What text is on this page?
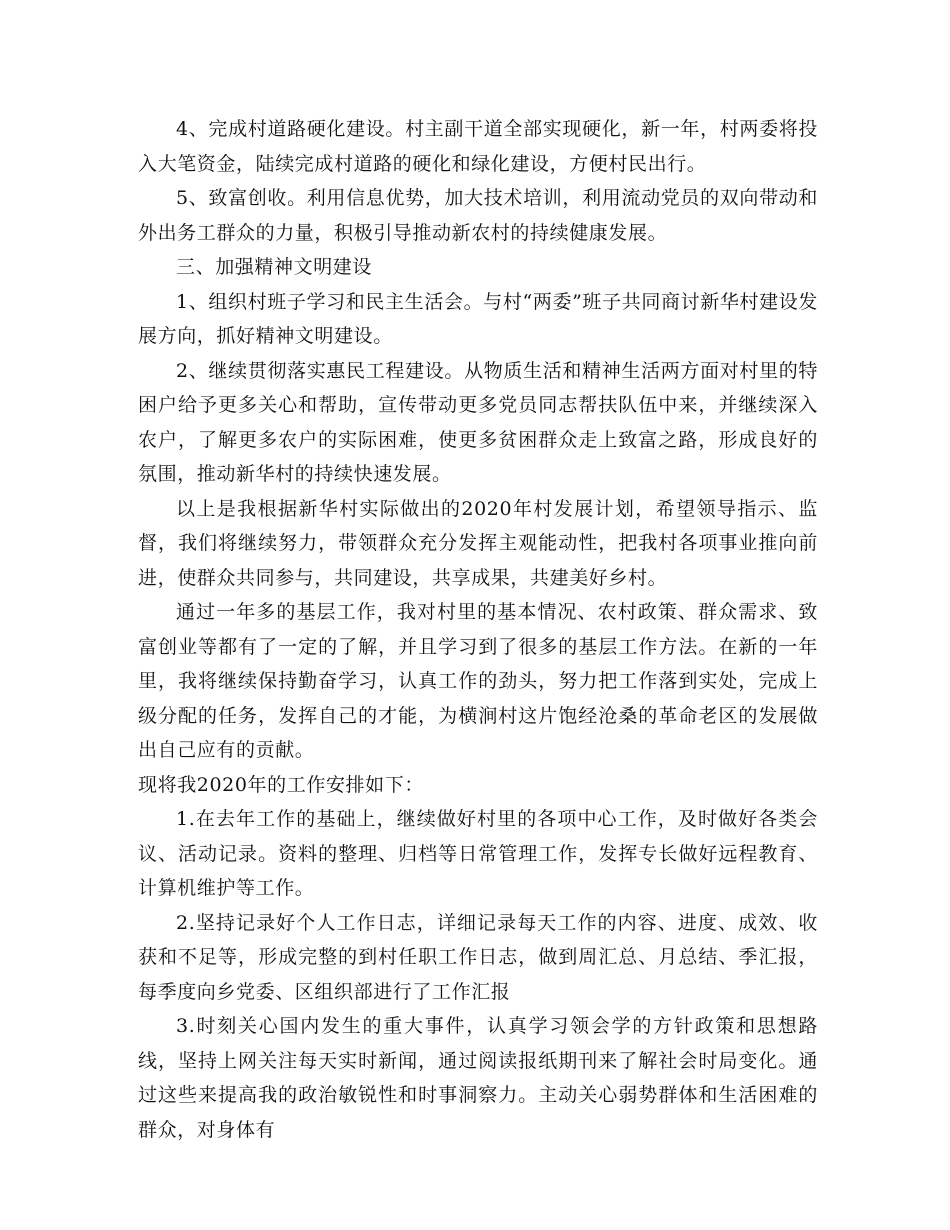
4、完成村道路硬化建设。村主副干道全部实现硬化，新一年，村两委将投入大笔资金，陆续完成村道路的硬化和绿化建设，方便村民出行。

5、致富创收。利用信息优势，加大技术培训，利用流动党员的双向带动和外出务工群众的力量，积极引导推动新农村的持续健康发展。

三、加强精神文明建设

1、组织村班子学习和民主生活会。与村“两委”班子共同商讨新华村建设发展方向，抓好精神文明建设。

2、继续贯彻落实惠民工程建设。从物质生活和精神生活两方面对村里的特困户给予更多关心和帮助，宣传带动更多党员同志帮扶队伍中来，并继续深入农户，了解更多农户的实际困难，使更多贫困群众走上致富之路，形成良好的氛围，推动新华村的持续快速发展。

以上是我根据新华村实际做出的2020年村发展计划，希望领导指示、监督，我们将继续努力，带领群众充分发挥主观能动性，把我村各项事业推向前进，使群众共同参与，共同建设，共享成果，共建美好乡村。

通过一年多的基层工作，我对村里的基本情况、农村政策、群众需求、致富创业等都有了一定的了解，并且学习到了很多的基层工作方法。在新的一年里，我将继续保持勤奋学习，认真工作的劲头，努力把工作落到实处，完成上级分配的任务，发挥自己的才能，为横涧村这片饱经沧桑的革命老区的发展做出自己应有的贡献。

现将我2020年的工作安排如下：

1.在去年工作的基础上，继续做好村里的各项中心工作，及时做好各类会议、活动记录。资料的整理、归档等日常管理工作，发挥专长做好远程教育、计算机维护等工作。

2.坚持记录好个人工作日志，详细记录每天工作的内容、进度、成效、收获和不足等，形成完整的到村任职工作日志，做到周汇总、月总结、季汇报，每季度向乡党委、区组织部进行了工作汇报

3.时刻关心国内发生的重大事件，认真学习领会学的方针政策和思想路线，坚持上网关注每天实时新闻，通过阅读报纸期刊来了解社会时局变化。通过这些来提高我的政治敏锐性和时事洞察力。主动关心弱势群体和生活困难的群众，对身体有
